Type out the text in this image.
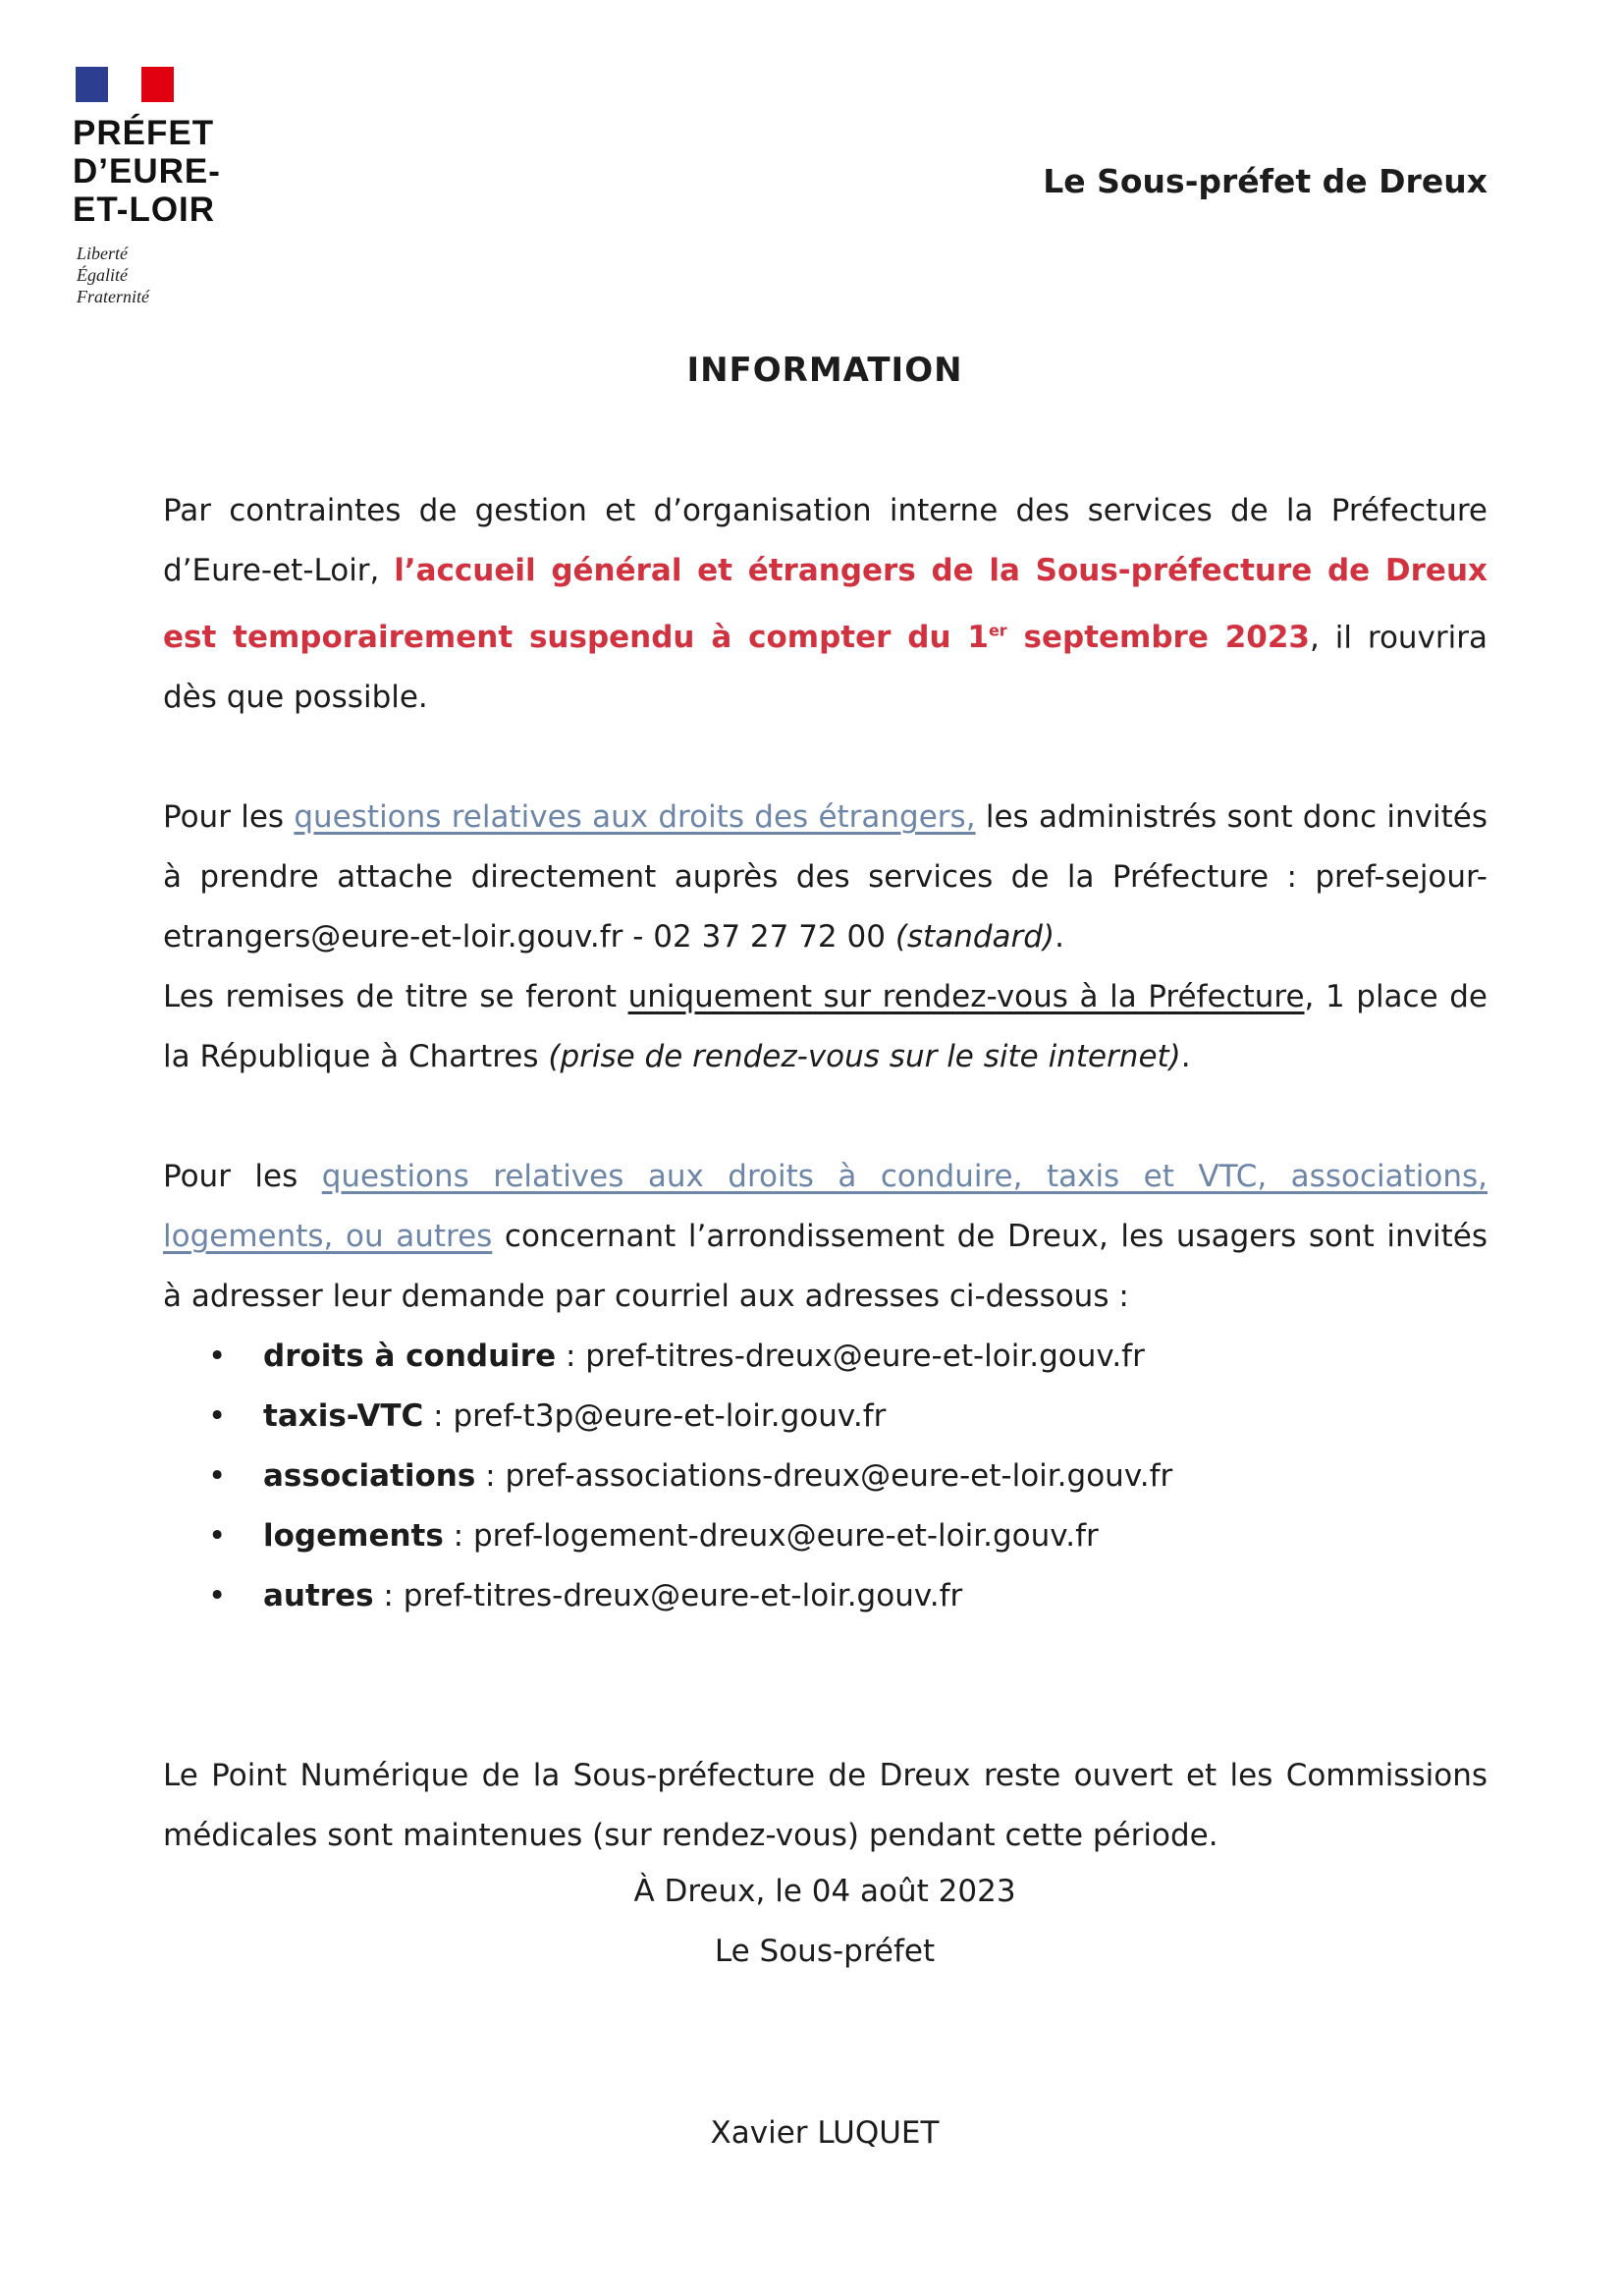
PRÉFET
D’EURE-
ET-LOIR
Liberté
Égalité
Fraternité
Le Sous-préfet de Dreux
INFORMATION

Par contraintes de gestion et d’organisation interne des services de la Préfecture d’Eure-et-Loir, l’accueil général et étrangers de la Sous-préfecture de Dreux est temporairement suspendu à compter du 1er septembre 2023, il rouvrira dès que possible.

Pour les questions relatives aux droits des étrangers, les administrés sont donc invités à prendre attache directement auprès des services de la Préfecture : pref-sejour-etrangers@eure-et-loir.gouv.fr - 02 37 27 72 00 (standard).

Les remises de titre se feront uniquement sur rendez-vous à la Préfecture, 1 place de la République à Chartres (prise de rendez-vous sur le site internet).

Pour les questions relatives aux droits à conduire, taxis et VTC, associations, logements, ou autres concernant l’arrondissement de Dreux, les usagers sont invités à adresser leur demande par courriel aux adresses ci-dessous :

• droits à conduire : pref-titres-dreux@eure-et-loir.gouv.fr
• taxis-VTC : pref-t3p@eure-et-loir.gouv.fr
• associations : pref-associations-dreux@eure-et-loir.gouv.fr
• logements : pref-logement-dreux@eure-et-loir.gouv.fr
• autres : pref-titres-dreux@eure-et-loir.gouv.fr

Le Point Numérique de la Sous-préfecture de Dreux reste ouvert et les Commissions médicales sont maintenues (sur rendez-vous) pendant cette période.

À Dreux, le 04 août 2023
Le Sous-préfet
Xavier LUQUET
